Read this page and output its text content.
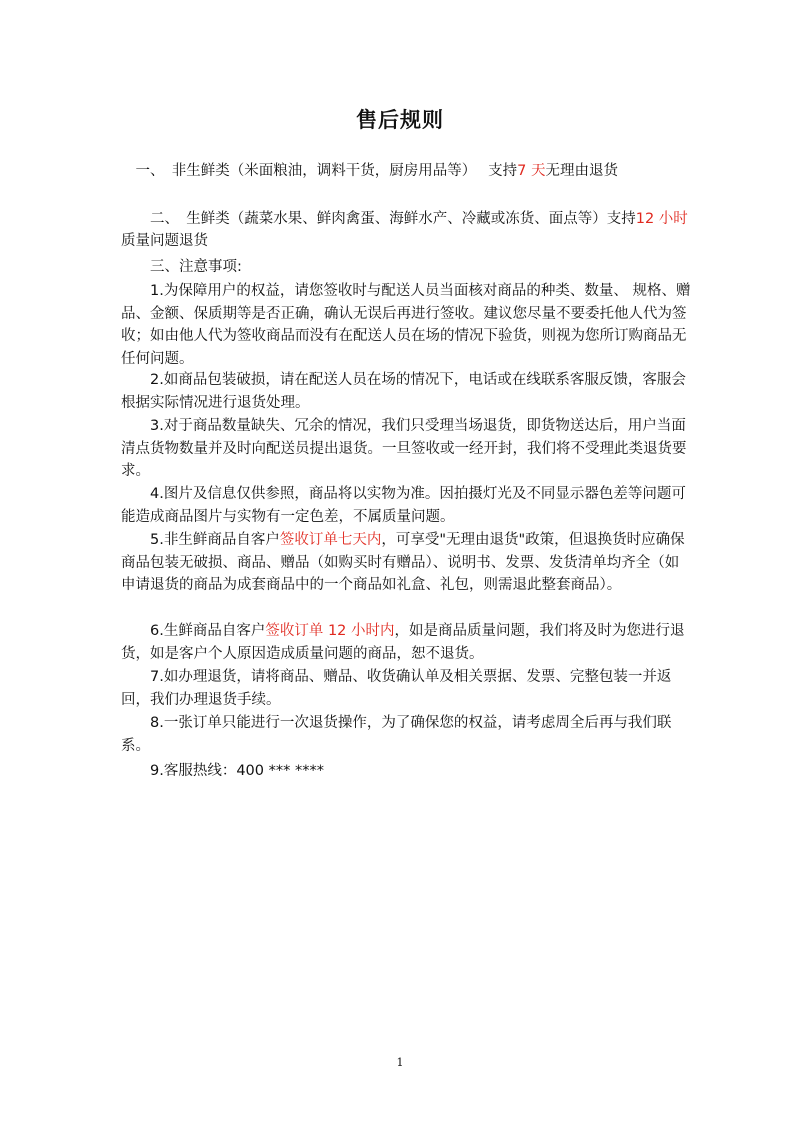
售后规则
　一、　非生鲜类（米面粮油，调料干货，厨房用品等）　 支持7 天无理由退货
　　二、　生鲜类（蔬菜水果、鲜肉禽蛋、海鲜水产、冷藏或冻货、面点等）支持12 小时质量问题退货
　　三、注意事项:
　　1.为保障用户的权益，请您签收时与配送人员当面核对商品的种类、数量、 规格、赠品、金额、保质期等是否正确，确认无误后再进行签收。建议您尽量不要委托他人代为签收；如由他人代为签收商品而没有在配送人员在场的情况下验货，则视为您所订购商品无任何问题。
　　2.如商品包装破损，请在配送人员在场的情况下，电话或在线联系客服反馈，客服会根据实际情况进行退货处理。
　　3.对于商品数量缺失、冗余的情况，我们只受理当场退货，即货物送达后，用户当面清点货物数量并及时向配送员提出退货。一旦签收或一经开封，我们将不受理此类退货要求。
　　4.图片及信息仅供参照，商品将以实物为准。因拍摄灯光及不同显示器色差等问题可能造成商品图片与实物有一定色差，不属质量问题。
　　5.非生鲜商品自客户签收订单七天内，可享受"无理由退货"政策，但退换货时应确保商品包装无破损、商品、赠品（如购买时有赠品）、说明书、发票、发货清单均齐全（如申请退货的商品为成套商品中的一个商品如礼盒、礼包，则需退此整套商品）。
　　6.生鲜商品自客户签收订单 12 小时内，如是商品质量问题，我们将及时为您进行退货，如是客户个人原因造成质量问题的商品，恕不退货。
　　7.如办理退货，请将商品、赠品、收货确认单及相关票据、发票、完整包装一并返回，我们办理退货手续。
　　8.一张订单只能进行一次退货操作，为了确保您的权益，请考虑周全后再与我们联系。
　　9.客服热线：400 *** ****
1
